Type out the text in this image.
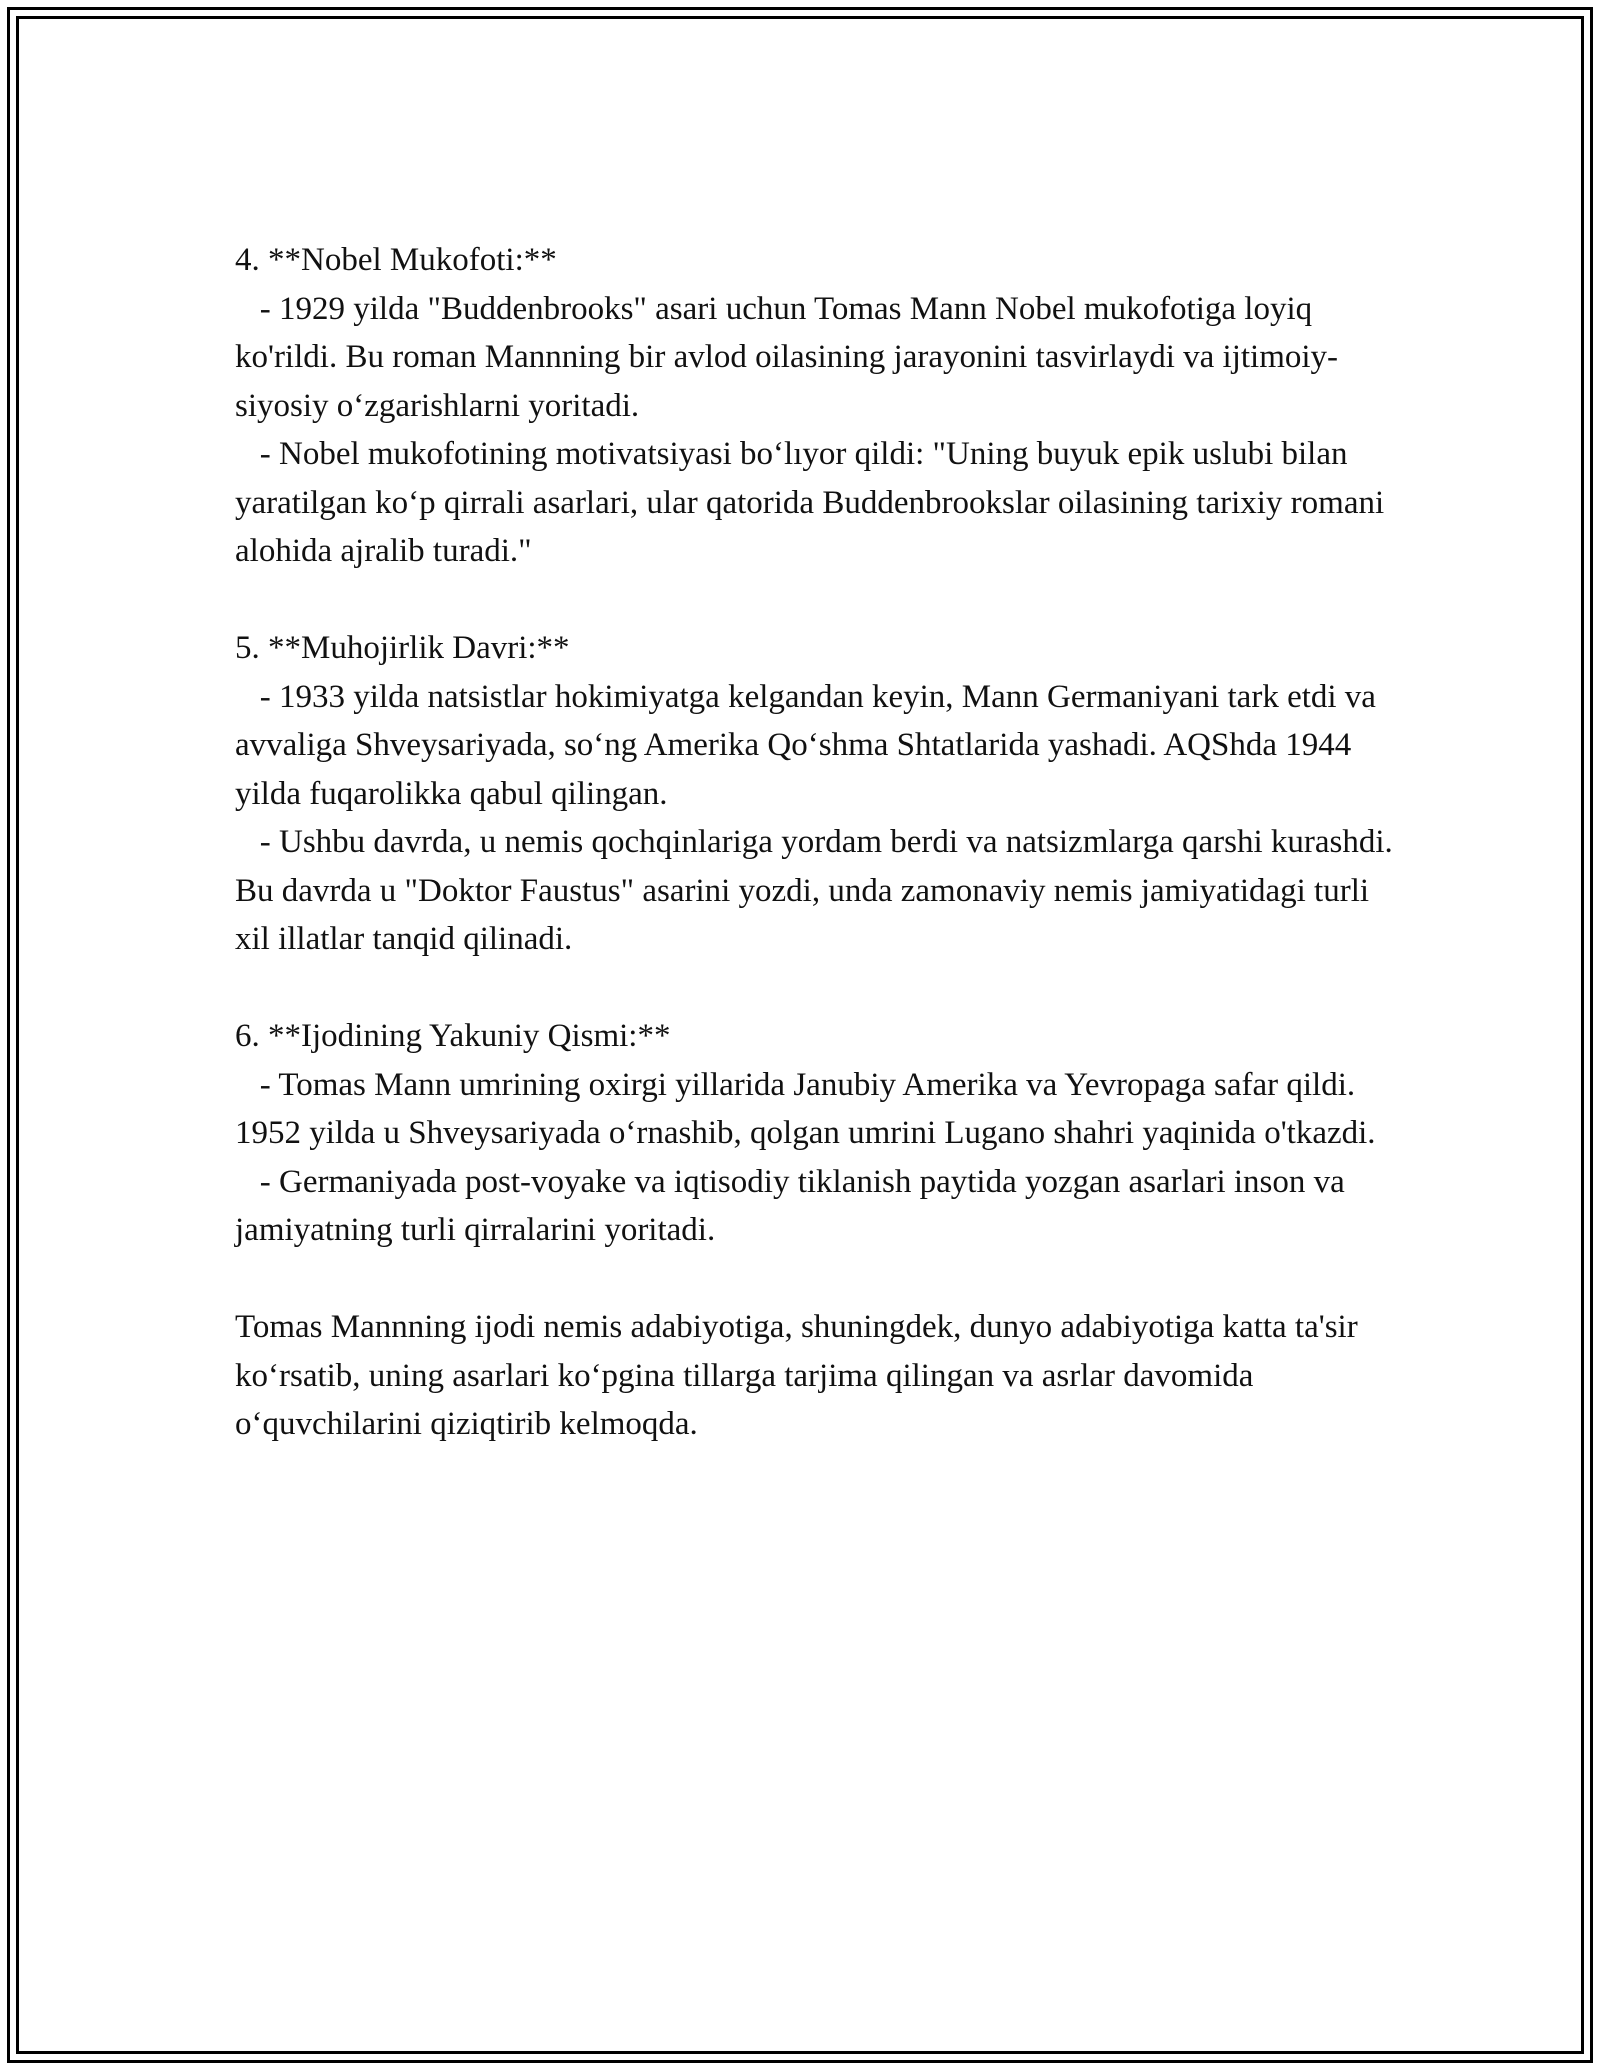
4. **Nobel Mukofoti:**

- 1929 yilda "Buddenbrooks" asari uchun Tomas Mann Nobel mukofotiga loyiq ko'rildi. Bu roman Mannning bir avlod oilasining jarayonini tasvirlaydi va ijtimoiy-siyosiy o‘zgarishlarni yoritadi.

- Nobel mukofotining motivatsiyasi bo‘lıyor qildi: "Uning buyuk epik uslubi bilan yaratilgan ko‘p qirrali asarlari, ular qatorida Buddenbrookslar oilasining tarixiy romani alohida ajralib turadi."

5. **Muhojirlik Davri:**

- 1933 yilda natsistlar hokimiyatga kelgandan keyin, Mann Germaniyani tark etdi va avvaliga Shveysariyada, so‘ng Amerika Qo‘shma Shtatlarida yashadi. AQShda 1944 yilda fuqarolikka qabul qilingan.

- Ushbu davrda, u nemis qochqinlariga yordam berdi va natsizmlarga qarshi kurashdi. Bu davrda u "Doktor Faustus" asarini yozdi, unda zamonaviy nemis jamiyatidagi turli xil illatlar tanqid qilinadi.

6. **Ijodining Yakuniy Qismi:**

- Tomas Mann umrining oxirgi yillarida Janubiy Amerika va Yevropaga safar qildi. 1952 yilda u Shveysariyada o‘rnashib, qolgan umrini Lugano shahri yaqinida o'tkazdi.

- Germaniyada post-voyake va iqtisodiy tiklanish paytida yozgan asarlari inson va jamiyatning turli qirralarini yoritadi.

Tomas Mannning ijodi nemis adabiyotiga, shuningdek, dunyo adabiyotiga katta ta'sir ko‘rsatib, uning asarlari ko‘pgina tillarga tarjima qilingan va asrlar davomida o‘quvchilarini qiziqtirib kelmoqda.
